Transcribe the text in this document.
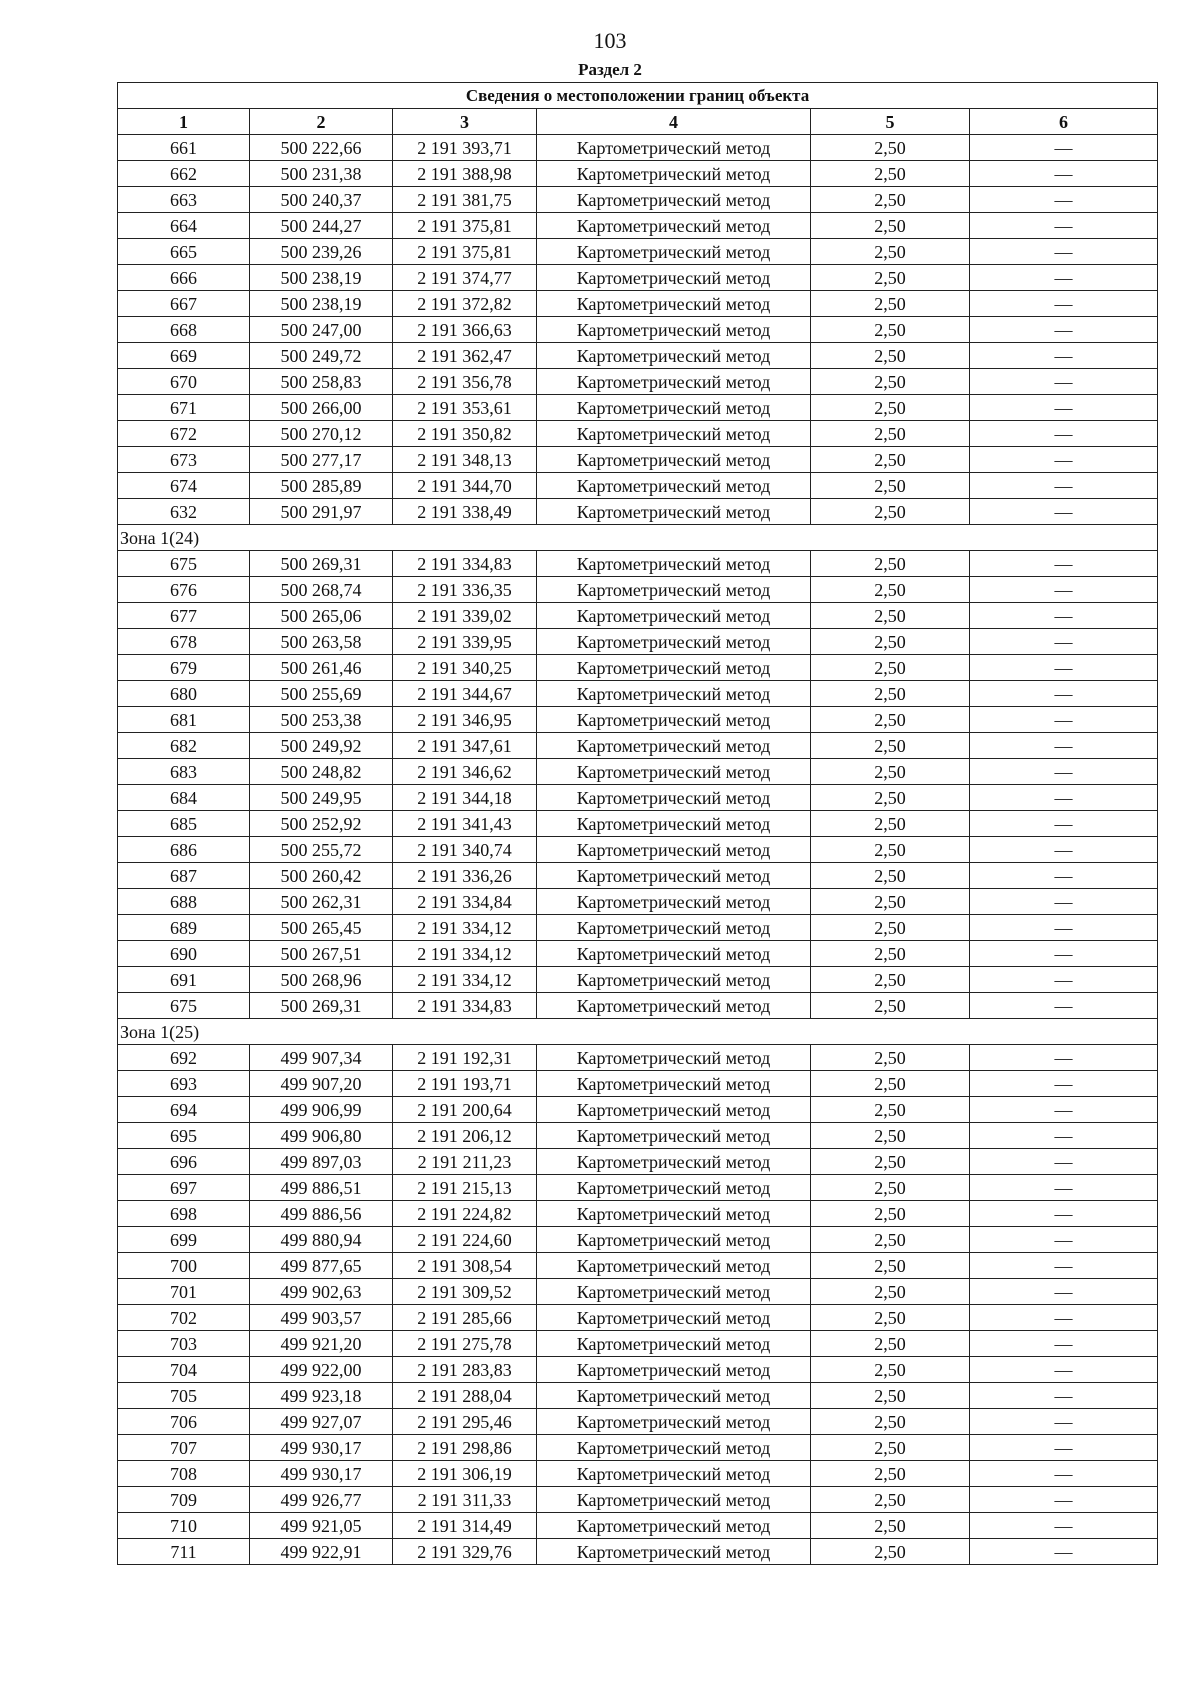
103
Раздел 2
Сведения о местоположении границ объекта					
1	2	3	4	5	6
661	500 222,66	2 191 393,71	Картометрический метод	2,50	—
662	500 231,38	2 191 388,98	Картометрический метод	2,50	—
663	500 240,37	2 191 381,75	Картометрический метод	2,50	—
664	500 244,27	2 191 375,81	Картометрический метод	2,50	—
665	500 239,26	2 191 375,81	Картометрический метод	2,50	—
666	500 238,19	2 191 374,77	Картометрический метод	2,50	—
667	500 238,19	2 191 372,82	Картометрический метод	2,50	—
668	500 247,00	2 191 366,63	Картометрический метод	2,50	—
669	500 249,72	2 191 362,47	Картометрический метод	2,50	—
670	500 258,83	2 191 356,78	Картометрический метод	2,50	—
671	500 266,00	2 191 353,61	Картометрический метод	2,50	—
672	500 270,12	2 191 350,82	Картометрический метод	2,50	—
673	500 277,17	2 191 348,13	Картометрический метод	2,50	—
674	500 285,89	2 191 344,70	Картометрический метод	2,50	—
632	500 291,97	2 191 338,49	Картометрический метод	2,50	—
Зона 1(24)					
675	500 269,31	2 191 334,83	Картометрический метод	2,50	—
676	500 268,74	2 191 336,35	Картометрический метод	2,50	—
677	500 265,06	2 191 339,02	Картометрический метод	2,50	—
678	500 263,58	2 191 339,95	Картометрический метод	2,50	—
679	500 261,46	2 191 340,25	Картометрический метод	2,50	—
680	500 255,69	2 191 344,67	Картометрический метод	2,50	—
681	500 253,38	2 191 346,95	Картометрический метод	2,50	—
682	500 249,92	2 191 347,61	Картометрический метод	2,50	—
683	500 248,82	2 191 346,62	Картометрический метод	2,50	—
684	500 249,95	2 191 344,18	Картометрический метод	2,50	—
685	500 252,92	2 191 341,43	Картометрический метод	2,50	—
686	500 255,72	2 191 340,74	Картометрический метод	2,50	—
687	500 260,42	2 191 336,26	Картометрический метод	2,50	—
688	500 262,31	2 191 334,84	Картометрический метод	2,50	—
689	500 265,45	2 191 334,12	Картометрический метод	2,50	—
690	500 267,51	2 191 334,12	Картометрический метод	2,50	—
691	500 268,96	2 191 334,12	Картометрический метод	2,50	—
675	500 269,31	2 191 334,83	Картометрический метод	2,50	—
Зона 1(25)					
692	499 907,34	2 191 192,31	Картометрический метод	2,50	—
693	499 907,20	2 191 193,71	Картометрический метод	2,50	—
694	499 906,99	2 191 200,64	Картометрический метод	2,50	—
695	499 906,80	2 191 206,12	Картометрический метод	2,50	—
696	499 897,03	2 191 211,23	Картометрический метод	2,50	—
697	499 886,51	2 191 215,13	Картометрический метод	2,50	—
698	499 886,56	2 191 224,82	Картометрический метод	2,50	—
699	499 880,94	2 191 224,60	Картометрический метод	2,50	—
700	499 877,65	2 191 308,54	Картометрический метод	2,50	—
701	499 902,63	2 191 309,52	Картометрический метод	2,50	—
702	499 903,57	2 191 285,66	Картометрический метод	2,50	—
703	499 921,20	2 191 275,78	Картометрический метод	2,50	—
704	499 922,00	2 191 283,83	Картометрический метод	2,50	—
705	499 923,18	2 191 288,04	Картометрический метод	2,50	—
706	499 927,07	2 191 295,46	Картометрический метод	2,50	—
707	499 930,17	2 191 298,86	Картометрический метод	2,50	—
708	499 930,17	2 191 306,19	Картометрический метод	2,50	—
709	499 926,77	2 191 311,33	Картометрический метод	2,50	—
710	499 921,05	2 191 314,49	Картометрический метод	2,50	—
711	499 922,91	2 191 329,76	Картометрический метод	2,50	—
